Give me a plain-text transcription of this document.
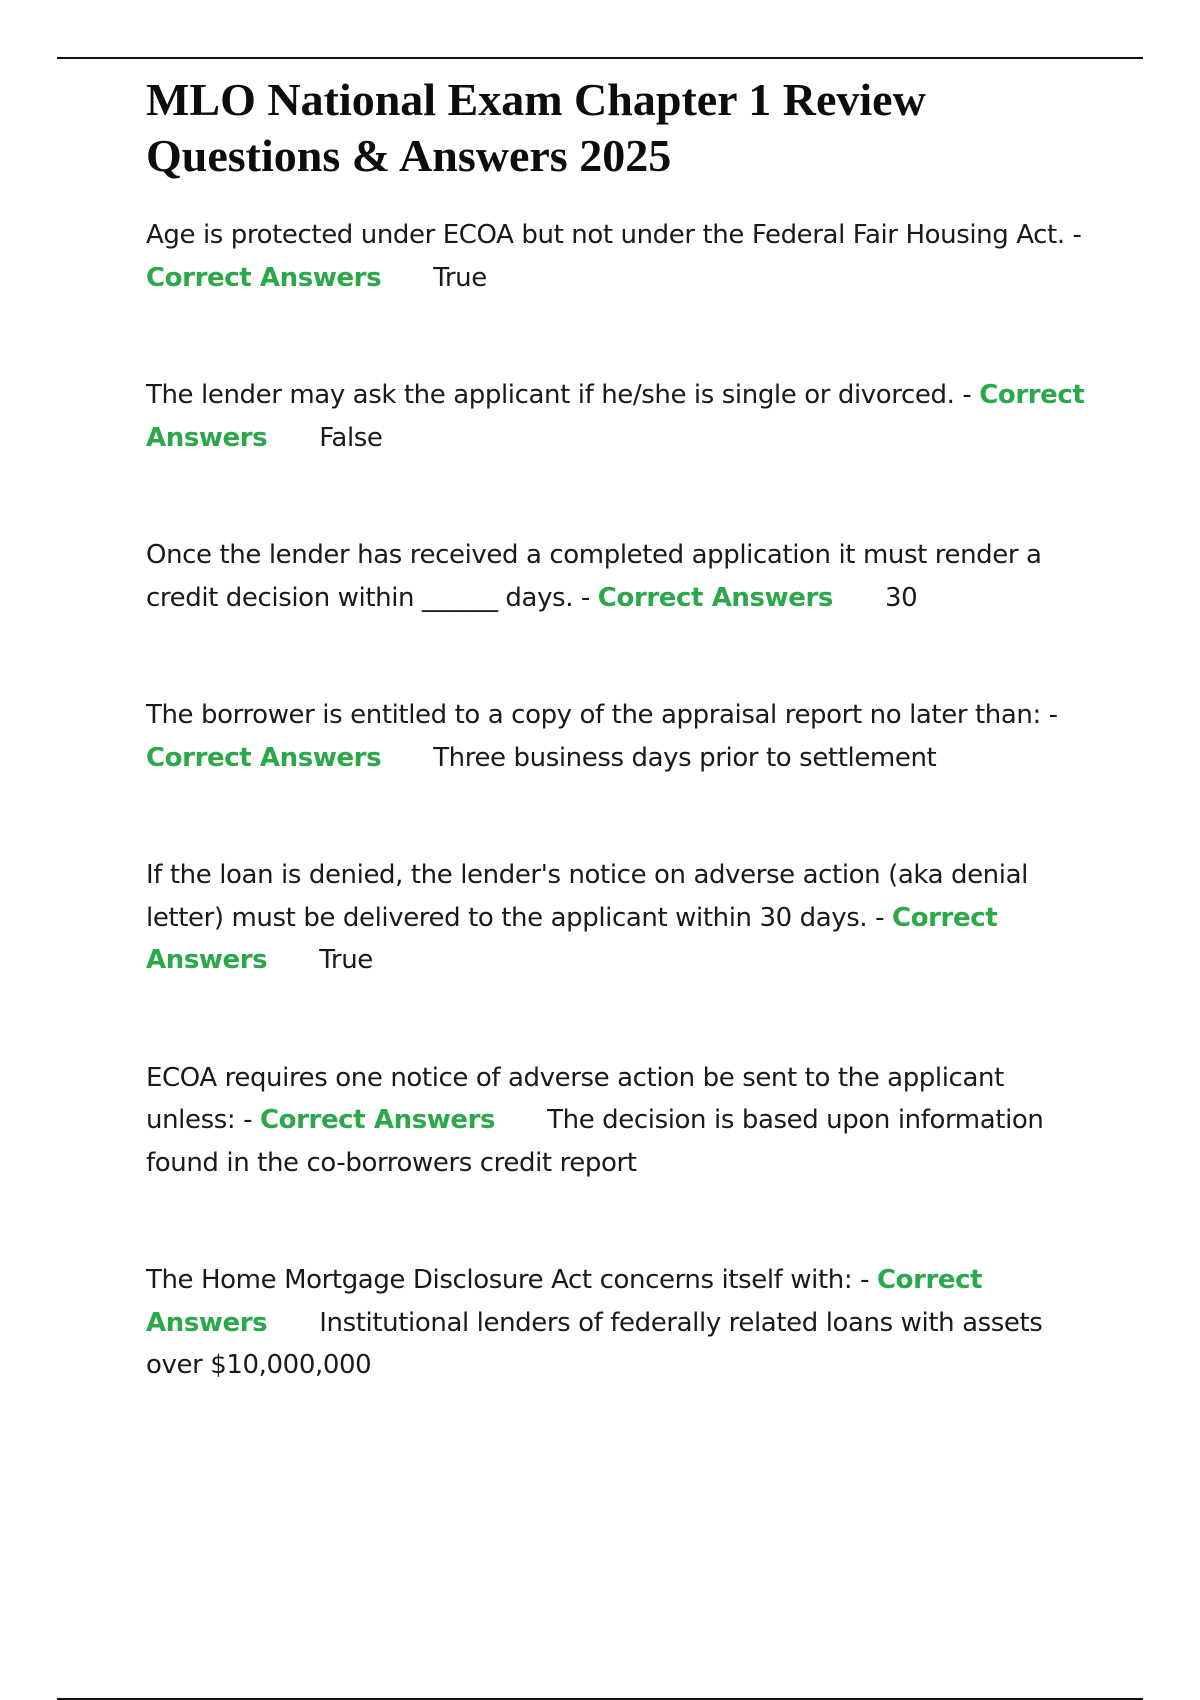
MLO National Exam Chapter 1 Review Questions & Answers 2025

Age is protected under ECOA but not under the Federal Fair Housing Act. - Correct Answers True

The lender may ask the applicant if he/she is single or divorced. - Correct Answers False

Once the lender has received a completed application it must render a credit decision within ______ days. - Correct Answers 30

The borrower is entitled to a copy of the appraisal report no later than: - Correct Answers Three business days prior to settlement

If the loan is denied, the lender's notice on adverse action (aka denial letter) must be delivered to the applicant within 30 days. - Correct Answers True

ECOA requires one notice of adverse action be sent to the applicant unless: - Correct Answers The decision is based upon information found in the co-borrowers credit report

The Home Mortgage Disclosure Act concerns itself with: - Correct Answers Institutional lenders of federally related loans with assets over $10,000,000
